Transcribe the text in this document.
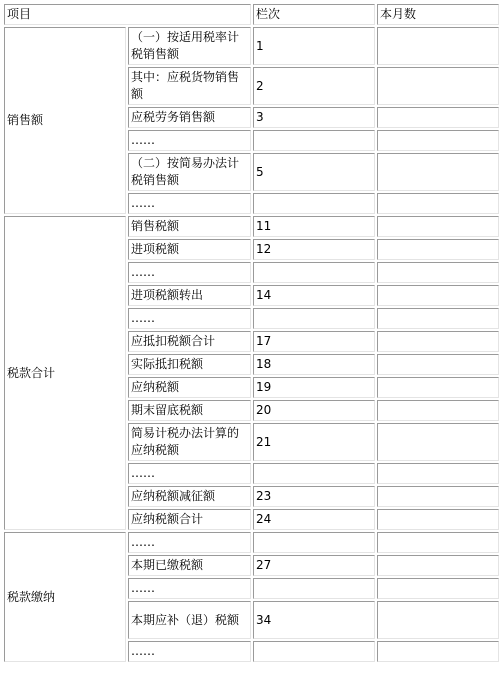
项目		栏次	本月数
销售额	（一）按适用税率计税销售额	1	
	其中：应税货物销售额	2	
	应税劳务销售额	3	
	……		
	（二）按简易办法计税销售额	5	
	……		
税款合计	销售税额	11	
	进项税额	12	
	……		
	进项税额转出	14	
	……		
	应抵扣税额合计	17	
	实际抵扣税额	18	
	应纳税额	19	
	期末留底税额	20	
	简易计税办法计算的应纳税额	21	
	……		
	应纳税额减征额	23	
	应纳税额合计	24	
税款缴纳	……		
	本期已缴税额	27	
	……		
	本期应补（退）税额	34	
	……		
